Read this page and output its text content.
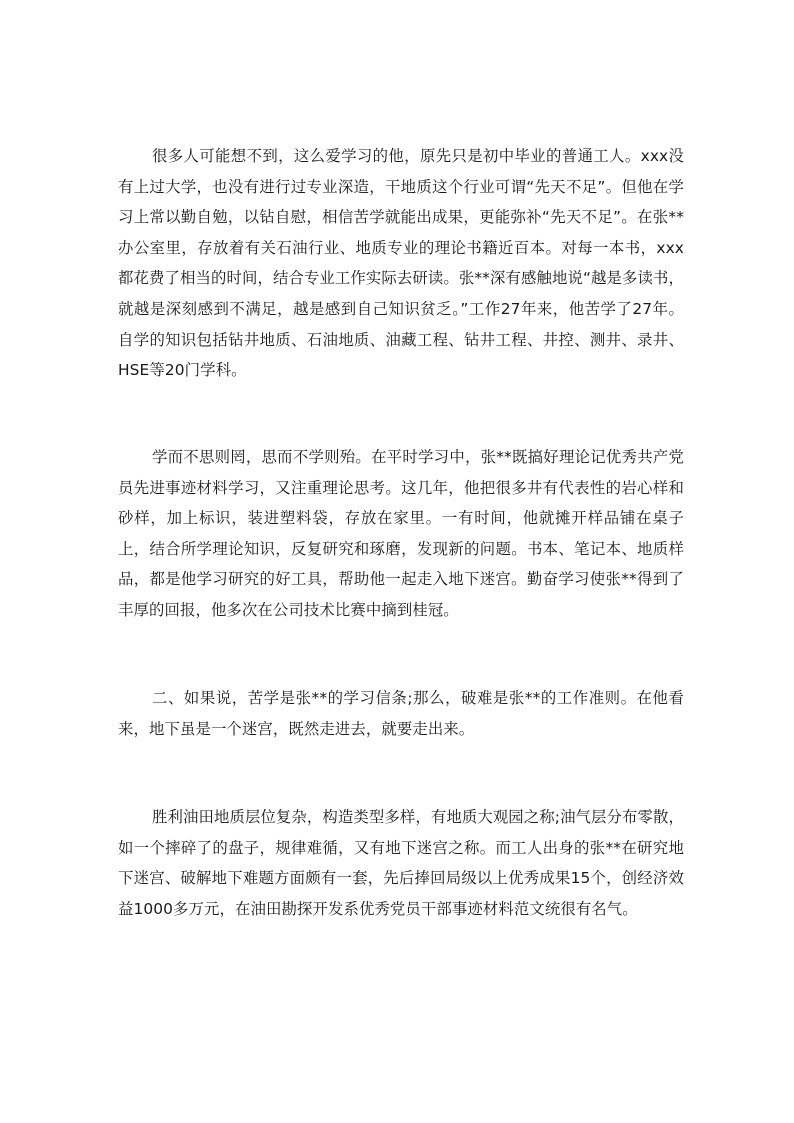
很多人可能想不到，这么爱学习的他，原先只是初中毕业的普通工人。xxx没有上过大学，也没有进行过专业深造，干地质这个行业可谓“先天不足”。但他在学习上常以勤自勉，以钻自慰，相信苦学就能出成果，更能弥补“先天不足”。在张**办公室里，存放着有关石油行业、地质专业的理论书籍近百本。对每一本书，xxx都花费了相当的时间，结合专业工作实际去研读。张**深有感触地说“越是多读书，就越是深刻感到不满足，越是感到自己知识贫乏。”工作27年来，他苦学了27年。自学的知识包括钻井地质、石油地质、油藏工程、钻井工程、井控、测井、录井、HSE等20门学科。

学而不思则罔，思而不学则殆。在平时学习中，张**既搞好理论记优秀共产党员先进事迹材料学习，又注重理论思考。这几年，他把很多井有代表性的岩心样和砂样，加上标识，装进塑料袋，存放在家里。一有时间，他就摊开样品铺在桌子上，结合所学理论知识，反复研究和琢磨，发现新的问题。书本、笔记本、地质样品，都是他学习研究的好工具，帮助他一起走入地下迷宫。勤奋学习使张**得到了丰厚的回报，他多次在公司技术比赛中摘到桂冠。

二、如果说，苦学是张**的学习信条;那么，破难是张**的工作准则。在他看来，地下虽是一个迷宫，既然走进去，就要走出来。

胜利油田地质层位复杂，构造类型多样，有地质大观园之称;油气层分布零散，如一个摔碎了的盘子，规律难循，又有地下迷宫之称。而工人出身的张**在研究地下迷宫、破解地下难题方面颇有一套，先后捧回局级以上优秀成果15个，创经济效益1000多万元，在油田勘探开发系优秀党员干部事迹材料范文统很有名气。
